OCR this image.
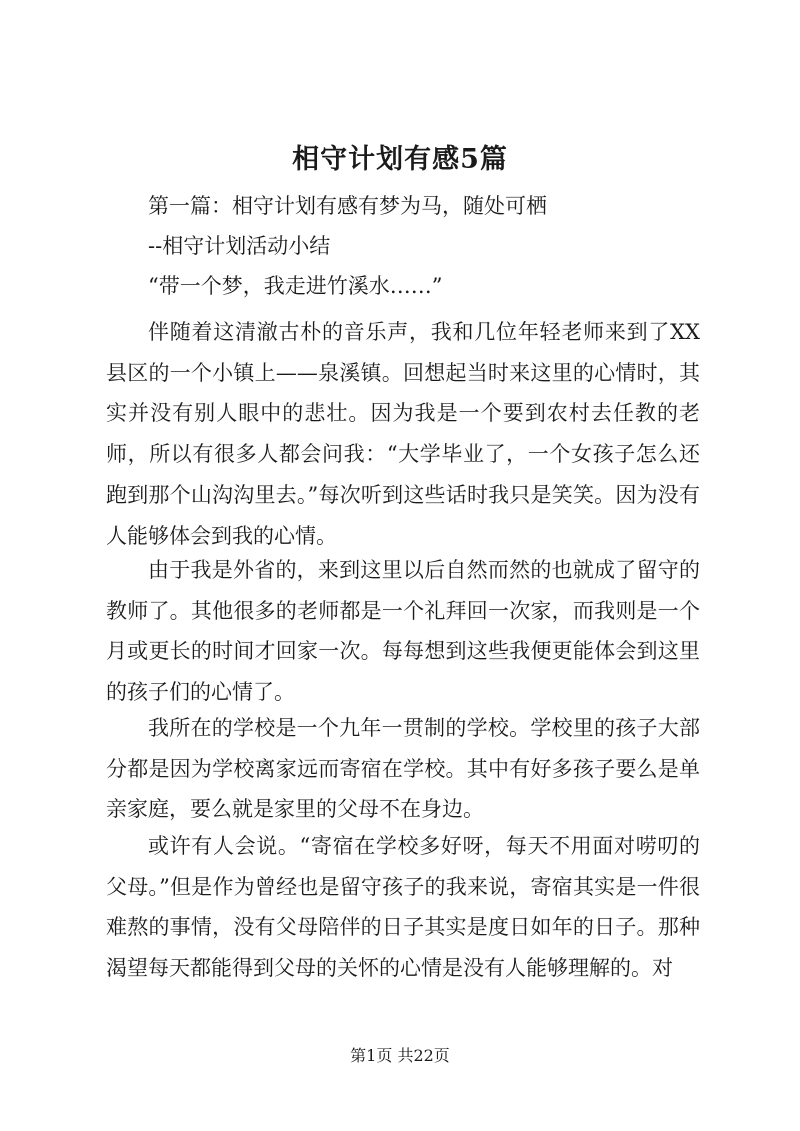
相守计划有感5篇
第一篇：相守计划有感有梦为马，随处可栖
--相守计划活动小结
“带一个梦，我走进竹溪水……”
伴随着这清澈古朴的音乐声，我和几位年轻老师来到了XX县区的一个小镇上——泉溪镇。回想起当时来这里的心情时，其实并没有别人眼中的悲壮。因为我是一个要到农村去任教的老师，所以有很多人都会问我：“大学毕业了，一个女孩子怎么还跑到那个山沟沟里去。”每次听到这些话时我只是笑笑。因为没有人能够体会到我的心情。
由于我是外省的，来到这里以后自然而然的也就成了留守的教师了。其他很多的老师都是一个礼拜回一次家，而我则是一个月或更长的时间才回家一次。每每想到这些我便更能体会到这里的孩子们的心情了。
我所在的学校是一个九年一贯制的学校。学校里的孩子大部分都是因为学校离家远而寄宿在学校。其中有好多孩子要么是单亲家庭，要么就是家里的父母不在身边。
或许有人会说。“寄宿在学校多好呀，每天不用面对唠叨的父母。”但是作为曾经也是留守孩子的我来说，寄宿其实是一件很难熬的事情，没有父母陪伴的日子其实是度日如年的日子。那种渴望每天都能得到父母的关怀的心情是没有人能够理解的。对
第1页 共22页
